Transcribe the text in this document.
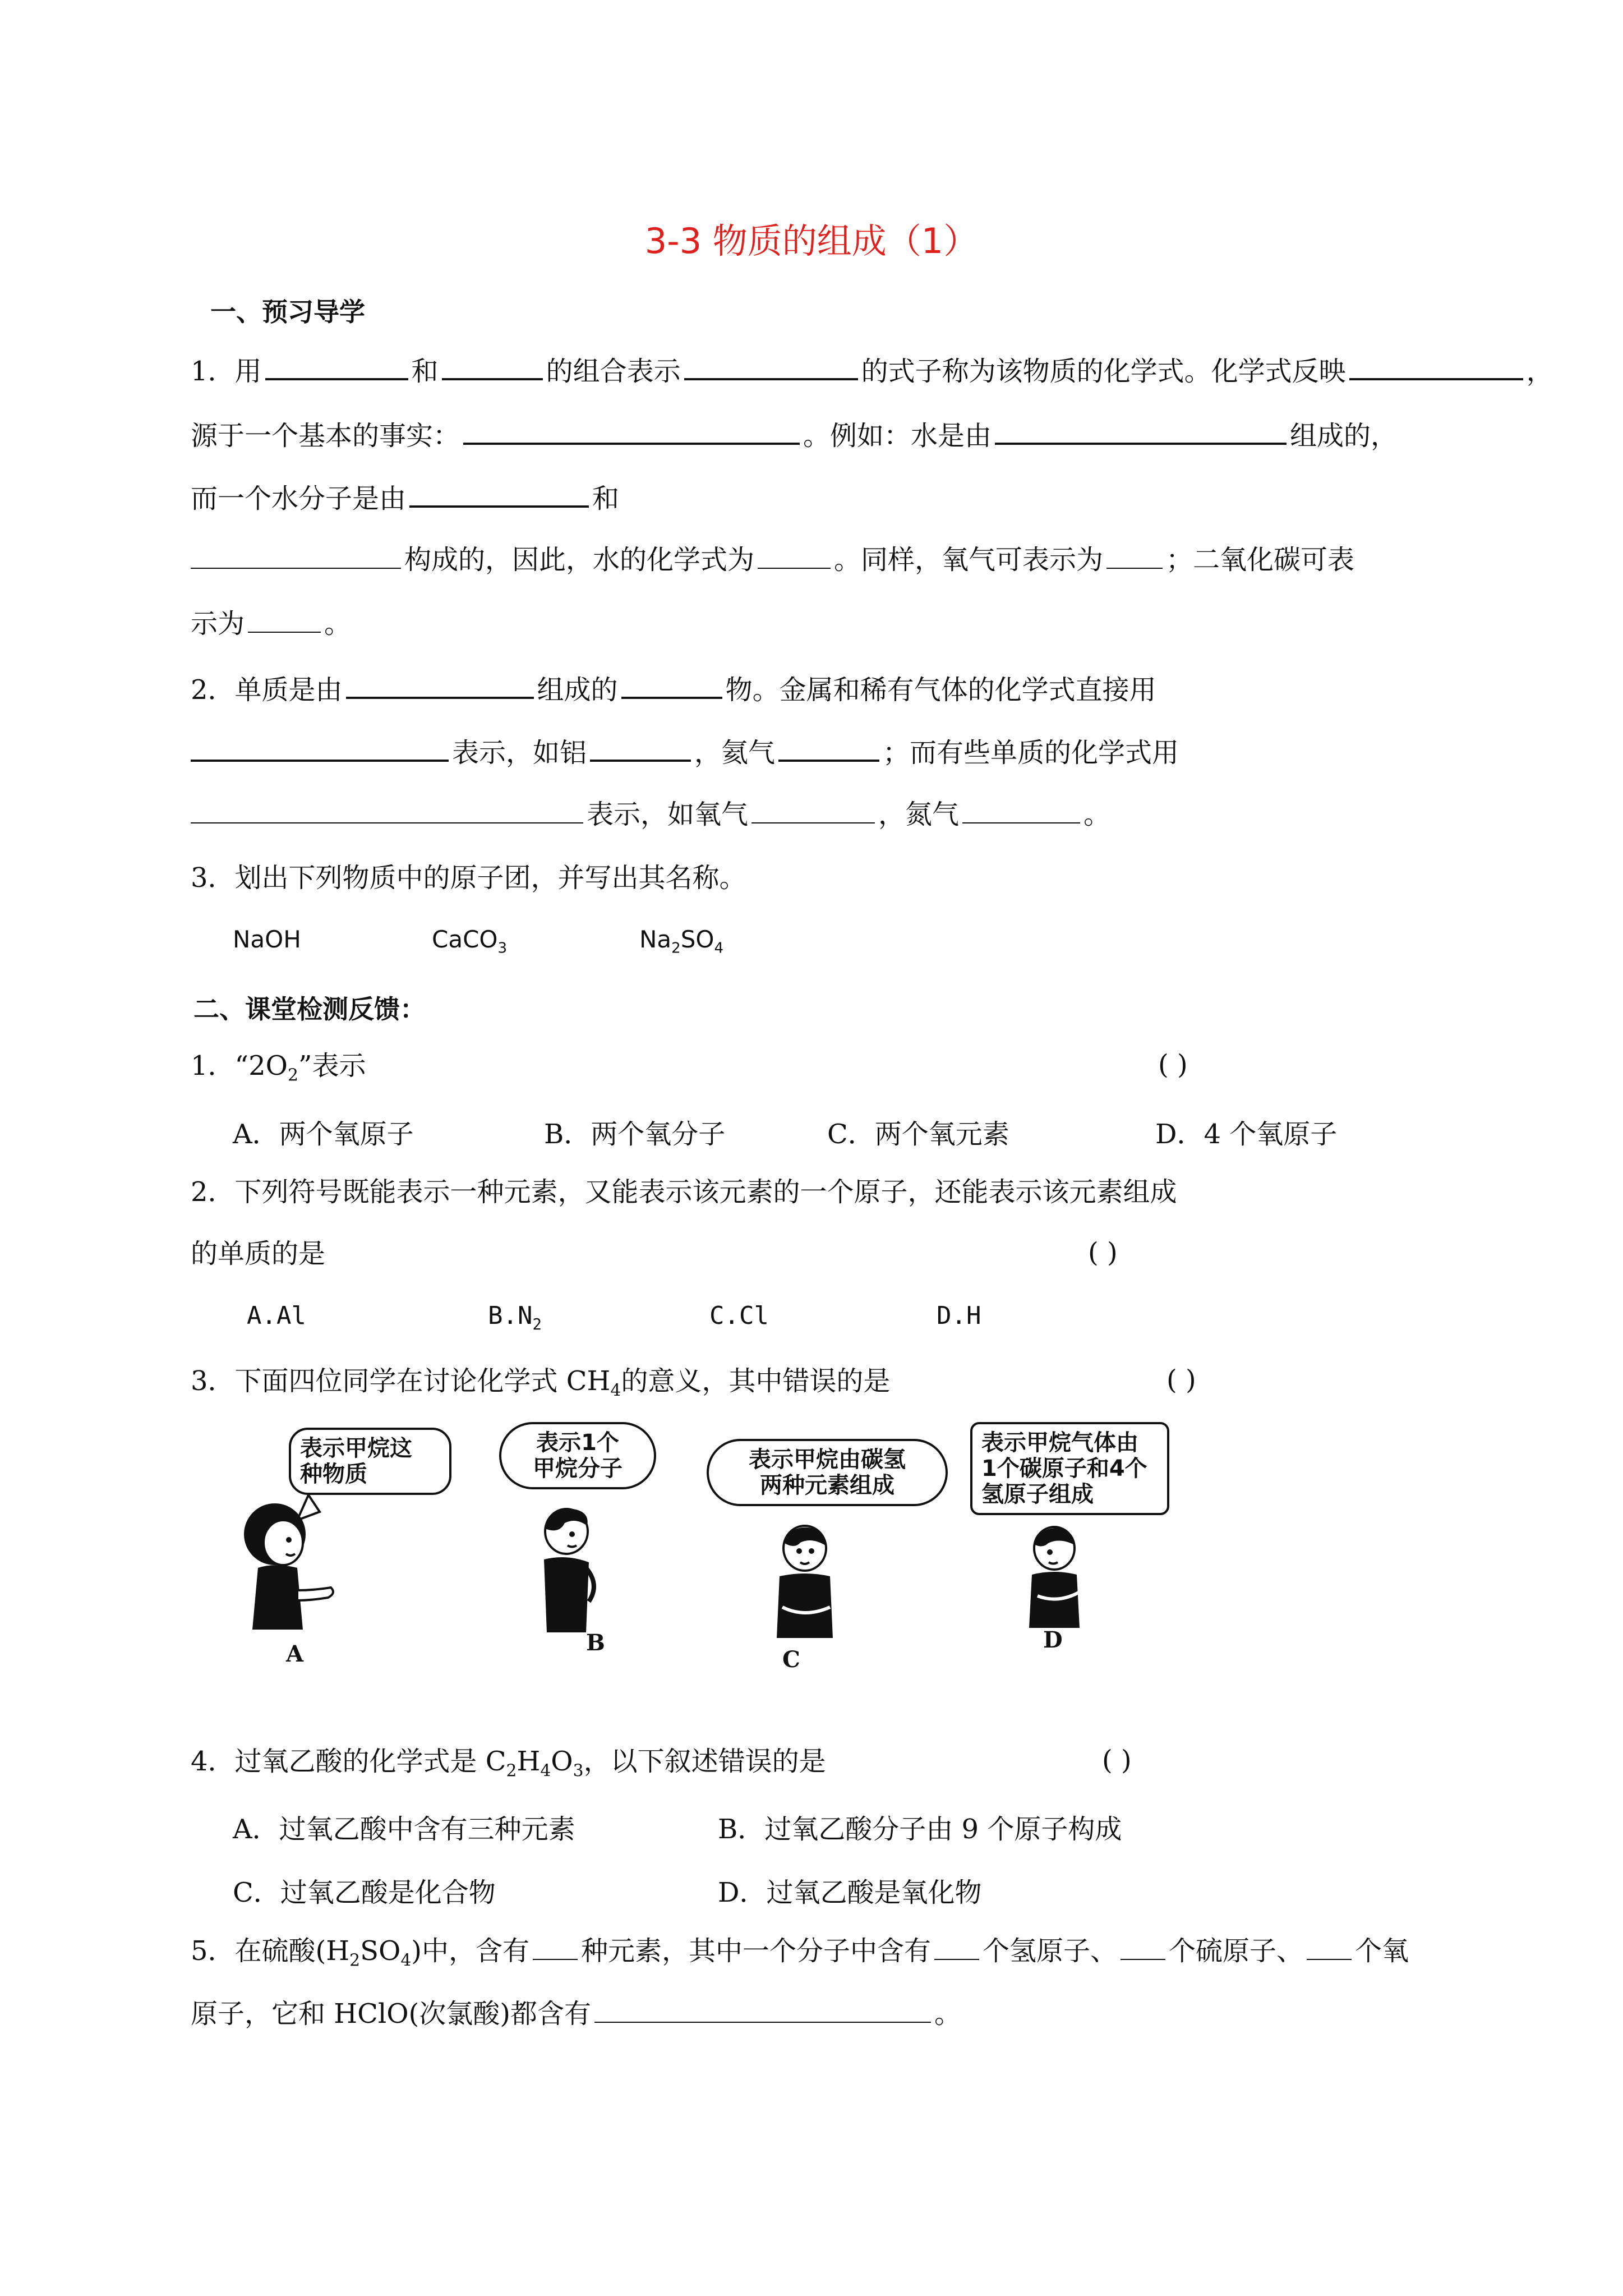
3-3 物质的组成（1）
一、预习导学
1．用	和	的组合表示	的式子称为该物质的化学式。化学式反映	，
源于一个基本的事实：	。例如：水是由	组成的，
而一个水分子是由	和
构成的，因此，水的化学式为	。同样，氧气可表示为 ；二氧化碳可表
示为	。
2．单质是由	组成的	物。金属和稀有气体的化学式直接用
表示，如铝	，氦气	；而有些单质的化学式用
表示，如氧气	，氮气	。
3．划出下列物质中的原子团，并写出其名称。
NaOH	CaCO$_3$	$Na_2SO_4$
二、课堂检测反馈：
1．“$2O_2$”表示	( )
A．两个氧原子	B．两个氧分子	C．两个氧元素	D．4 个氧原子
2．下列符号既能表示一种元素，又能表示该元素的一个原子，还能表示该元素组成
的单质的是	( )
A.Al	$B.N_2$	C.Cl	D.H
3．下面四位同学在讨论化学式 $CH_4$的意义，其中错误的是	( )
表示甲烷这
种物质
A
表示1个
甲烷分子
B
表示甲烷由碳氢
两种元素组成
C
表示甲烷气体由
1个碳原子和4个
氢原子组成
D
4．过氧乙酸的化学式是 $C_2H_4O_3$，以下叙述错误的是	( )
A．过氧乙酸中含有三种元素	B．过氧乙酸分子由 9 个原子构成
C．过氧乙酸是化合物	D．过氧乙酸是氧化物
5．在硫酸$(H_2SO_4)$中，含有 种元素，其中一个分子中含有 个氢原子、 个硫原子、 个氧
原子，它和 HClO(次氯酸)都含有	。
